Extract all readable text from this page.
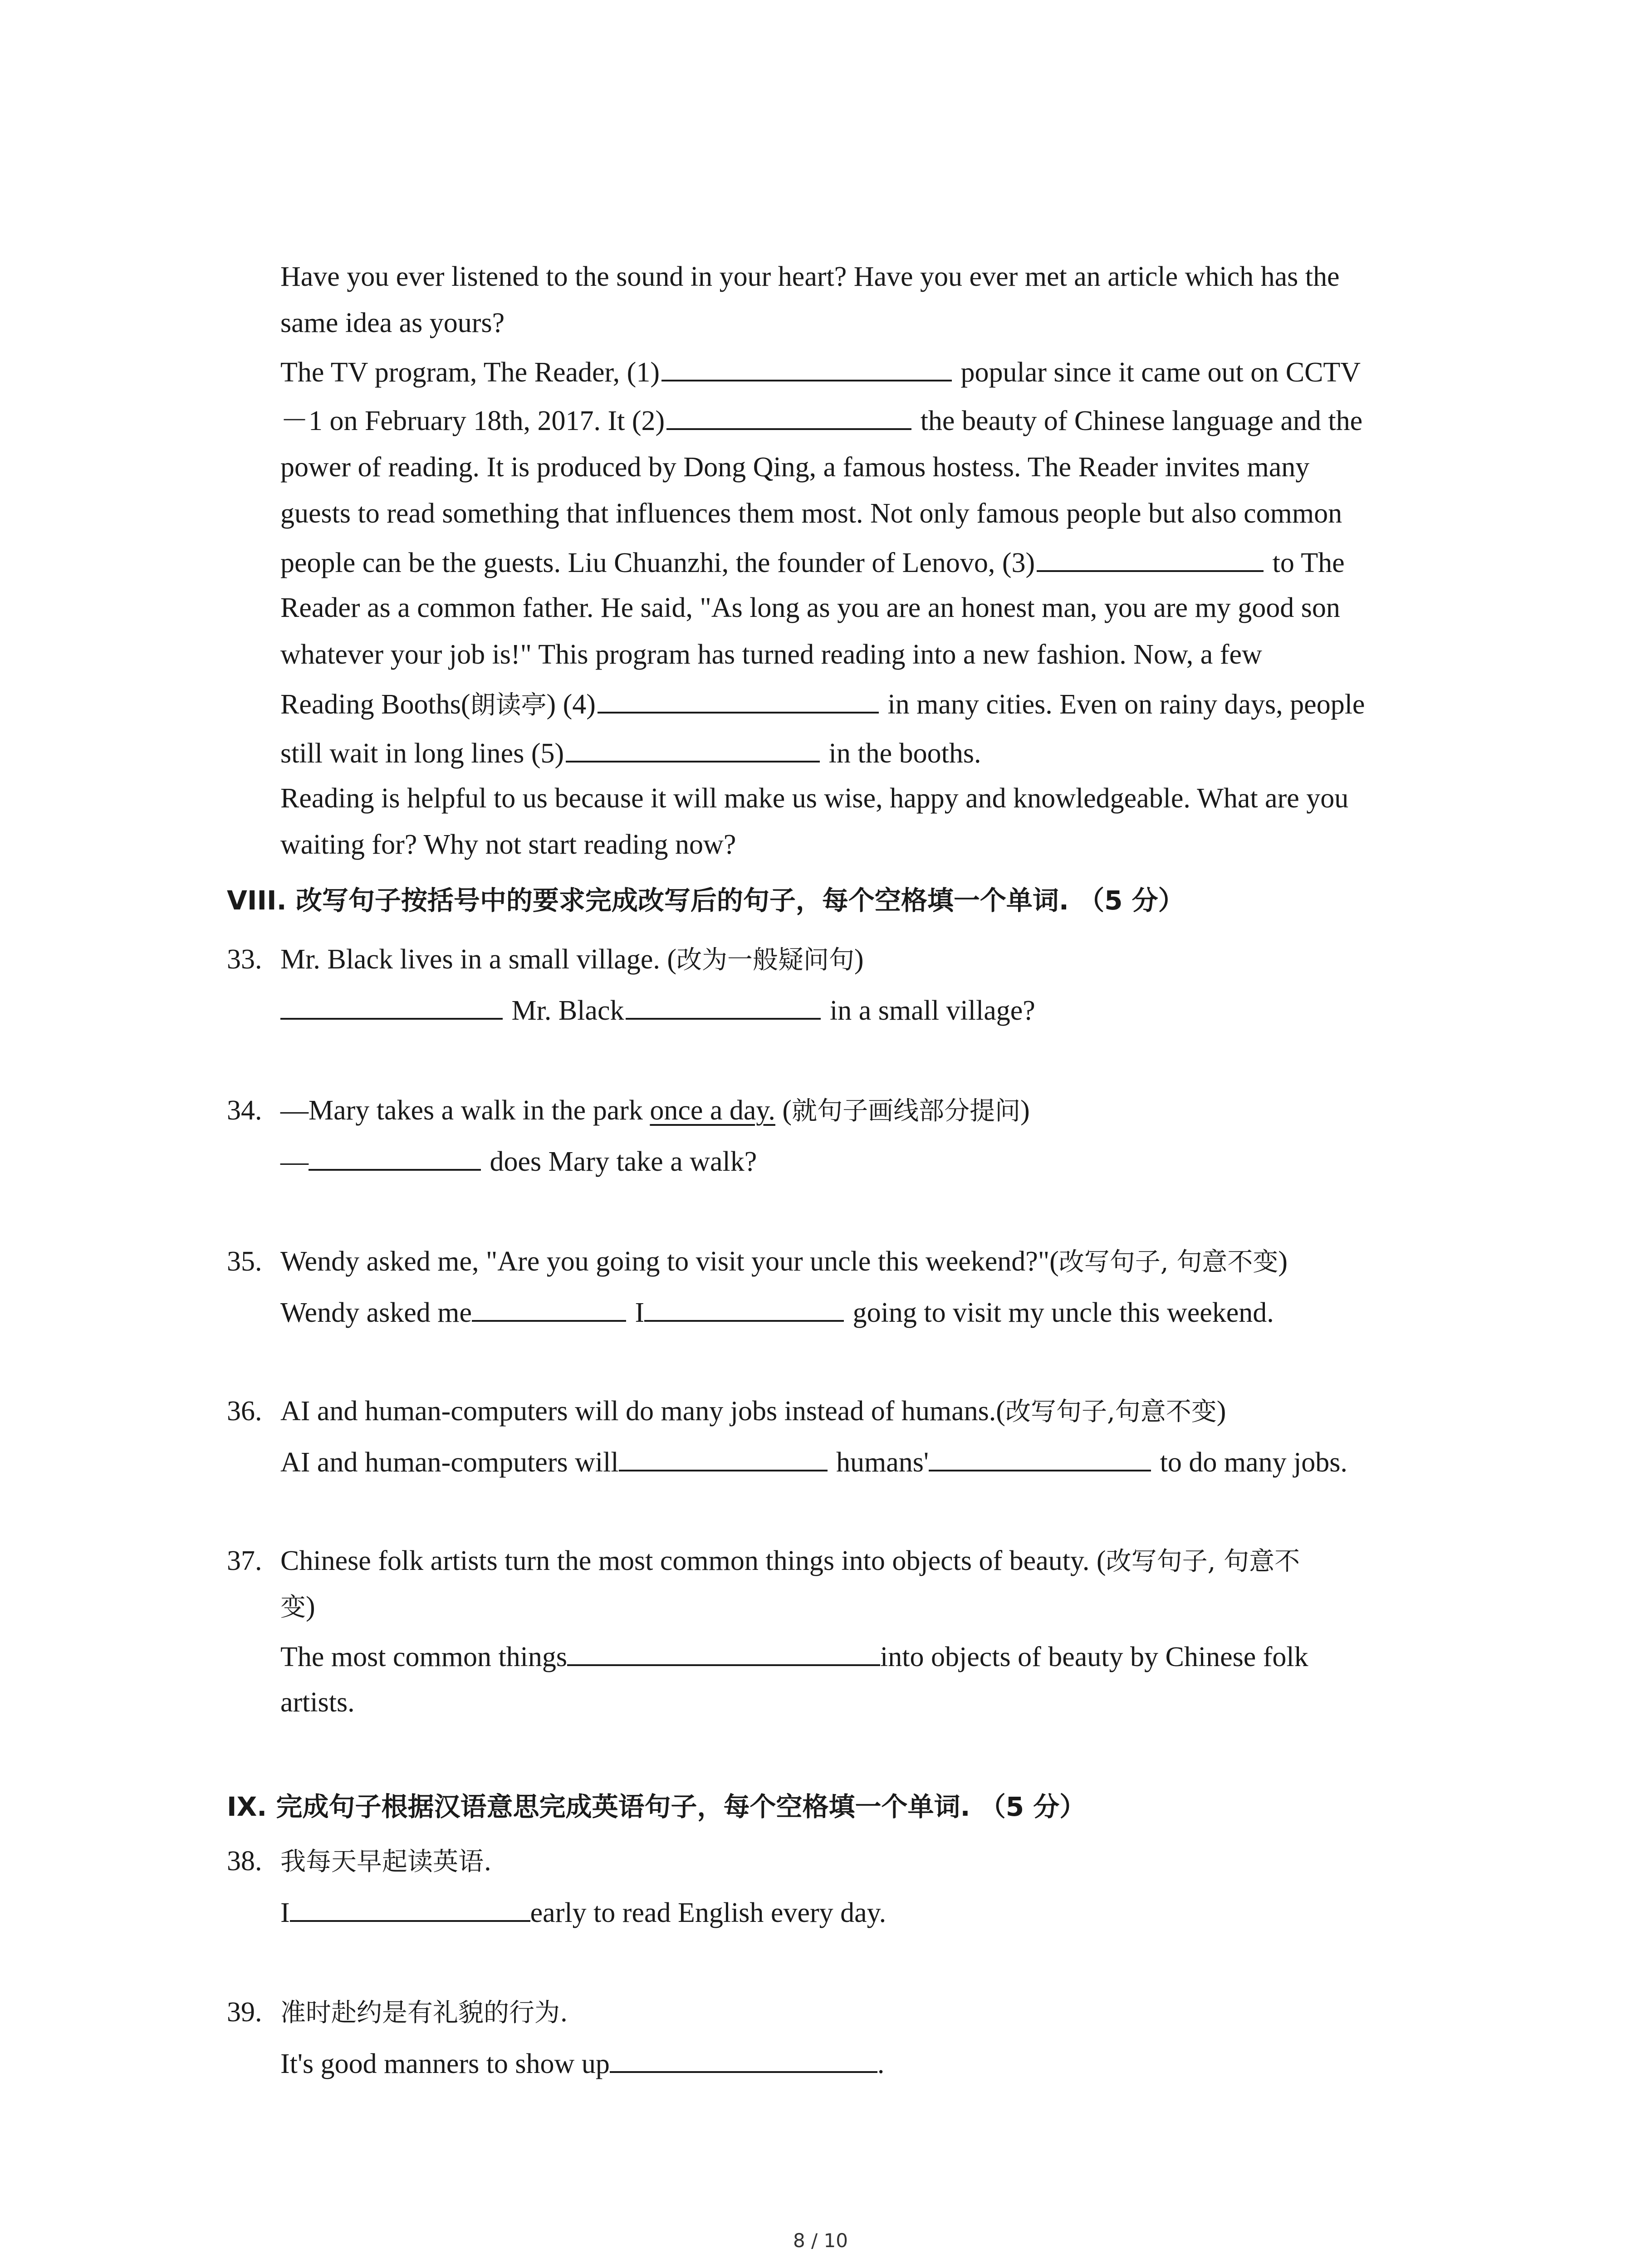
Have you ever listened to the sound in your heart? Have you ever met an article which has the
same idea as yours?
The TV program, The Reader, (1)	popular since it came out on CCTV
－1 on February 18th, 2017. It (2)	the beauty of Chinese language and the
power of reading. It is produced by Dong Qing, a famous hostess. The Reader invites many
guests to read something that influences them most. Not only famous people but also common
people can be the guests. Liu Chuanzhi, the founder of Lenovo, (3)	to The
Reader as a common father. He said, "As long as you are an honest man, you are my good son
whatever your job is!" This program has turned reading into a new fashion. Now, a few
Reading Booths(朗读亭) (4)	in many cities. Even on rainy days, people
still wait in long lines (5)	in the booths.
Reading is helpful to us because it will make us wise, happy and knowledgeable. What are you
waiting for? Why not start reading now?
VIII. 改写句子按括号中的要求完成改写后的句子，每个空格填一个单词. （5 分）
33. Mr. Black lives in a small village. (改为一般疑问句)
Mr. Black	in a small village?
34. —Mary takes a walk in the park once a day. (就句子画线部分提问)
—	does Mary take a walk?
35. Wendy asked me, "Are you going to visit your uncle this weekend?"(改写句子, 句意不变)
Wendy asked me	I	going to visit my uncle this weekend.
36. AI and human-computers will do many jobs instead of humans.(改写句子,句意不变)
AI and human-computers will	humans'	to do many jobs.
37. Chinese folk artists turn the most common things into objects of beauty. (改写句子, 句意不
变)
The most common things	into objects of beauty by Chinese folk
artists.
IX. 完成句子根据汉语意思完成英语句子，每个空格填一个单词. （5 分）
38. 我每天早起读英语.
I	early to read English every day.
39. 准时赴约是有礼貌的行为.
It's good manners to show up	.
8 / 10
